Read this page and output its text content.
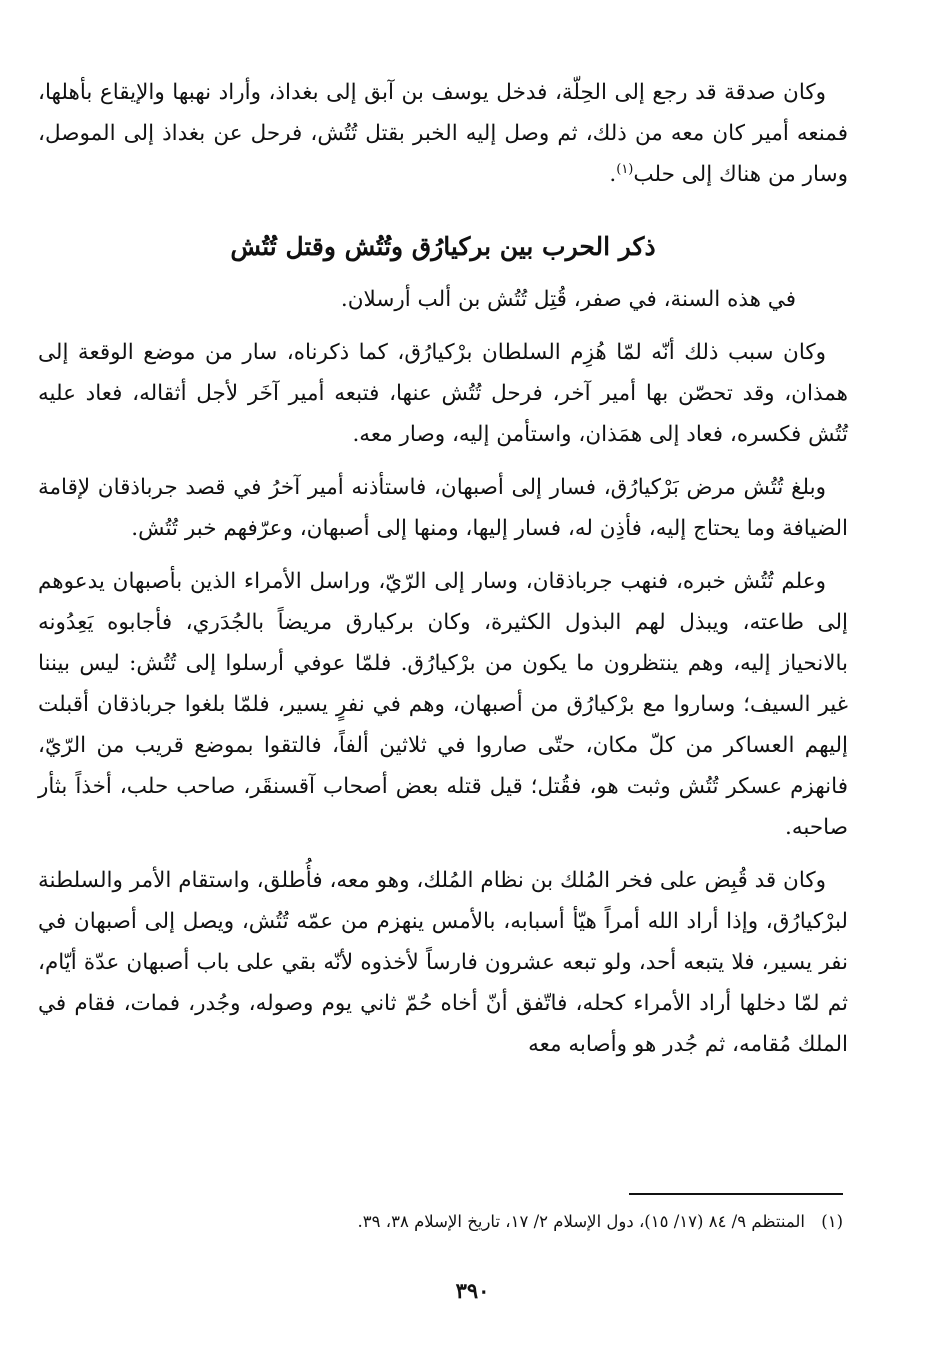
وكان صدقة قد رجع إلى الحِلّة، فدخل يوسف بن آبق إلى بغداذ، وأراد نهبها والإيقاع بأهلها، فمنعه أمير كان معه من ذلك، ثم وصل إليه الخبر بقتل تُتُش، فرحل عن بغداذ إلى الموصل، وسار من هناك إلى حلب$^{(١)}$.

ذكر الحرب بين بركيارُق وتُتُش وقتل تُتُش

في هذه السنة، في صفر، قُتِل تُتُش بن ألب أرسلان.

وكان سبب ذلك أنّه لمّا هُزِم السلطان برْكيارُق، كما ذكرناه، سار من موضع الوقعة إلى همذان، وقد تحصّن بها أمير آخر، فرحل تُتُش عنها، فتبعه أمير آخَر لأجل أثقاله، فعاد عليه تُتُش فكسره، فعاد إلى همَذان، واستأمن إليه، وصار معه.

وبلغ تُتُش مرض بَرْكيارُق، فسار إلى أصبهان، فاستأذنه أمير آخرُ في قصد جرباذقان لإقامة الضيافة وما يحتاج إليه، فأذِن له، فسار إليها، ومنها إلى أصبهان، وعرّفهم خبر تُتُش.

وعلم تُتُش خبره، فنهب جرباذقان، وسار إلى الرّيّ، وراسل الأمراء الذين بأصبهان يدعوهم إلى طاعته، ويبذل لهم البذول الكثيرة، وكان بركيارق مريضاً بالجُدَري، فأجابوه يَعِدُونه بالانحياز إليه، وهم ينتظرون ما يكون من برْكيارُق. فلمّا عوفي أرسلوا إلى تُتُش: ليس بيننا غير السيف؛ وساروا مع برْكيارُق من أصبهان، وهم في نفرٍ يسير، فلمّا بلغوا جرباذقان أقبلت إليهم العساكر من كلّ مكان، حتّى صاروا في ثلاثين ألفاً، فالتقوا بموضع قريب من الرّيّ، فانهزم عسكر تُتُش وثبت هو، فقُتل؛ قيل قتله بعض أصحاب آقسنقَر، صاحب حلب، أخذاً بثأر صاحبه.

وكان قد قُبِض على فخر المُلك بن نظام المُلك، وهو معه، فأُطلق، واستقام الأمر والسلطنة لبرْكيارُق، وإذا أراد الله أمراً هيّأ أسبابه، بالأمس ينهزم من عمّه تُتُش، ويصل إلى أصبهان في نفر يسير، فلا يتبعه أحد، ولو تبعه عشرون فارساً لأخذوه لأنّه بقي على باب أصبهان عدّة أيّام، ثم لمّا دخلها أراد الأمراء كحله، فاتّفق أنّ أخاه حُمّ ثاني يوم وصوله، وجُدر، فمات، فقام في الملك مُقامه، ثم جُدر هو وأصابه معه

(١)المنتظم ٩/ ٨٤ (١٧/ ١٥)، دول الإسلام ٢/ ١٧، تاريخ الإسلام ٣٨، ٣٩.
٣٩٠
